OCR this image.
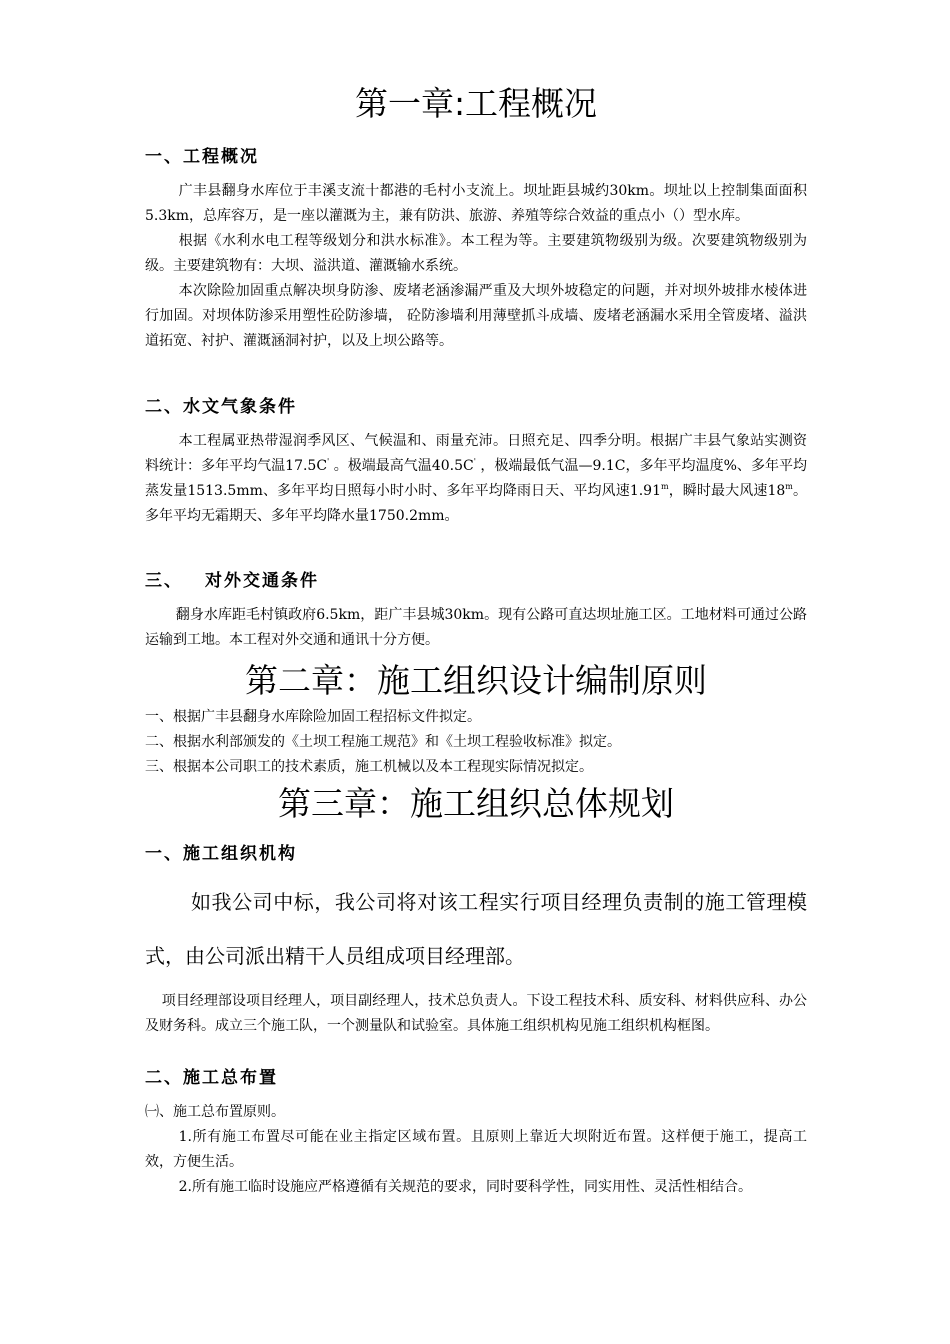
第一章:工程概况
一、工程概况

广丰县翻身水库位于丰溪支流十都港的毛村小支流上。坝址距县城约30km。坝址以上控制集面面积5.3km，总库容万，是一座以灌溉为主，兼有防洪、旅游、养殖等综合效益的重点小（）型水库。

根据《水利水电工程等级划分和洪水标准》。本工程为等。主要建筑物级别为级。次要建筑物级别为级。主要建筑物有：大坝、溢洪道、灌溉输水系统。

本次除险加固重点解决坝身防渗、废堵老涵渗漏严重及大坝外坡稳定的问题，并对坝外坡排水棱体进行加固。对坝体防渗采用塑性砼防渗墙， 砼防渗墙利用薄壁抓斗成墙、废堵老涵漏水采用全管废堵、溢洪道拓宽、衬护、灌溉涵洞衬护，以及上坝公路等。

二、水文气象条件

本工程属亚热带湿润季风区、气候温和、雨量充沛。日照充足、四季分明。根据广丰县气象站实测资料统计：多年平均气温17.5C' 。极端最高气温40.5C' ，极端最低气温—9.1C，多年平均温度%、多年平均蒸发量1513.5mm、多年平均日照每小时小时、多年平均降雨日天、平均风速1.91$^m$，瞬时最大风速18$^m$。多年平均无霜期天、多年平均降水量1750.2mm。

三、 对外交通条件

翻身水库距毛村镇政府6.5km，距广丰县城30km。现有公路可直达坝址施工区。工地材料可通过公路运输到工地。本工程对外交通和通讯十分方便。

第二章：施工组织设计编制原则

一、根据广丰县翻身水库除险加固工程招标文件拟定。

二、根据水利部颁发的《土坝工程施工规范》和《土坝工程验收标准》拟定。

三、根据本公司职工的技术素质，施工机械以及本工程现实际情况拟定。

第三章：施工组织总体规划
一、施工组织机构

如我公司中标，我公司将对该工程实行项目经理负责制的施工管理模式，由公司派出精干人员组成项目经理部。

项目经理部设项目经理人，项目副经理人，技术总负责人。下设工程技术科、质安科、材料供应科、办公及财务科。成立三个施工队，一个测量队和试验室。具体施工组织机构见施工组织机构框图。

二、施工总布置

㈠、施工总布置原则。

1.所有施工布置尽可能在业主指定区域布置。且原则上靠近大坝附近布置。这样便于施工，提高工效，方便生活。

2.所有施工临时设施应严格遵循有关规范的要求，同时要科学性，同实用性、灵活性相结合。
